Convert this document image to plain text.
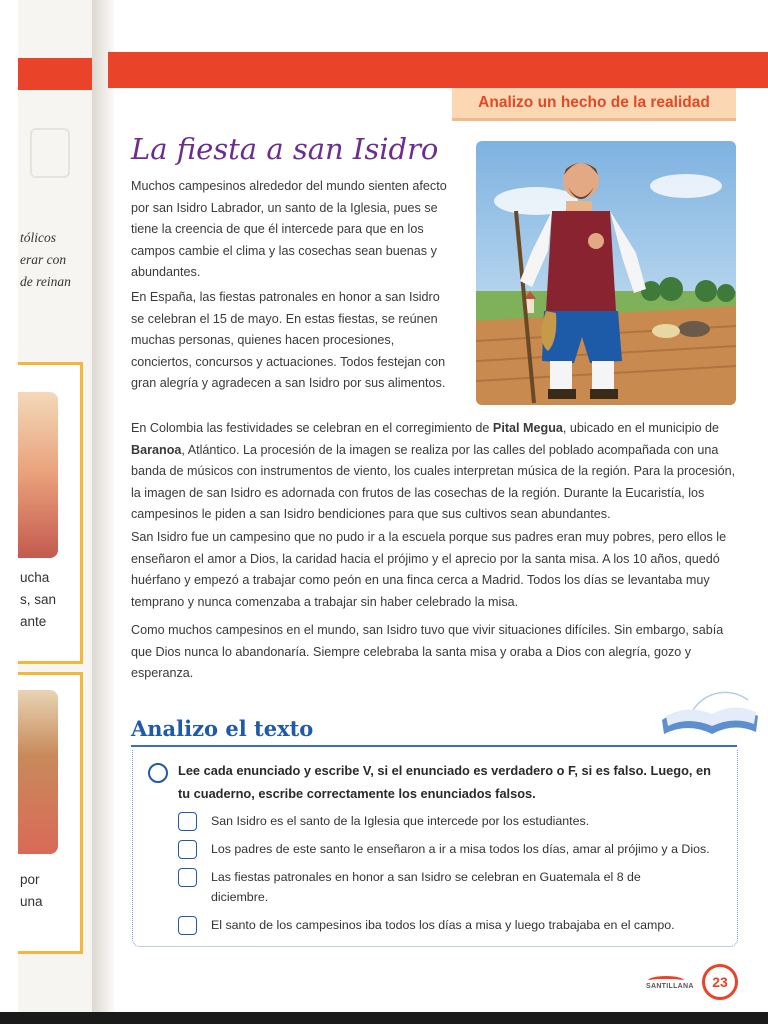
tólicos
erar con
de reinan
ucha
s, san
ante
por
una
Analizo un hecho de la realidad
La fiesta a san Isidro

Muchos campesinos alrededor del mundo sienten afecto por san Isidro Labrador, un santo de la Iglesia, pues se tiene la creencia de que él intercede para que en los campos cambie el clima y las cosechas sean buenas y abundantes.

En España, las fiestas patronales en honor a san Isidro se celebran el 15 de mayo. En estas fiestas, se reúnen muchas personas, quienes hacen procesiones, conciertos, concursos y actuaciones. Todos festejan con gran alegría y agradecen a san Isidro por sus alimentos.

En Colombia las festividades se celebran en el corregimiento de Pital Megua, ubicado en el municipio de Baranoa, Atlántico. La procesión de la imagen se realiza por las calles del poblado acompañada con una banda de músicos con instrumentos de viento, los cuales interpretan música de la región. Para la procesión, la imagen de san Isidro es adornada con frutos de las cosechas de la región. Durante la Eucaristía, los campesinos le piden a san Isidro bendiciones para que sus cultivos sean abundantes.

San Isidro fue un campesino que no pudo ir a la escuela porque sus padres eran muy pobres, pero ellos le enseñaron el amor a Dios, la caridad hacia el prójimo y el aprecio por la santa misa. A los 10 años, quedó huérfano y empezó a trabajar como peón en una finca cerca a Madrid. Todos los días se levantaba muy temprano y nunca comenzaba a trabajar sin haber celebrado la misa.

Como muchos campesinos en el mundo, san Isidro tuvo que vivir situaciones difíciles. Sin embargo, sabía que Dios nunca lo abandonaría. Siempre celebraba la santa misa y oraba a Dios con alegría, gozo y esperanza.

Analizo el texto

Lee cada enunciado y escribe V, si el enunciado es verdadero o F, si es falso. Luego, en tu cuaderno, escribe correctamente los enunciados falsos.

San Isidro es el santo de la Iglesia que intercede por los estudiantes.

Los padres de este santo le enseñaron a ir a misa todos los días, amar al prójimo y a Dios.

Las fiestas patronales en honor a san Isidro se celebran en Guatemala el 8 de diciembre.

El santo de los campesinos iba todos los días a misa y luego trabajaba en el campo.

SANTILLANA	23
